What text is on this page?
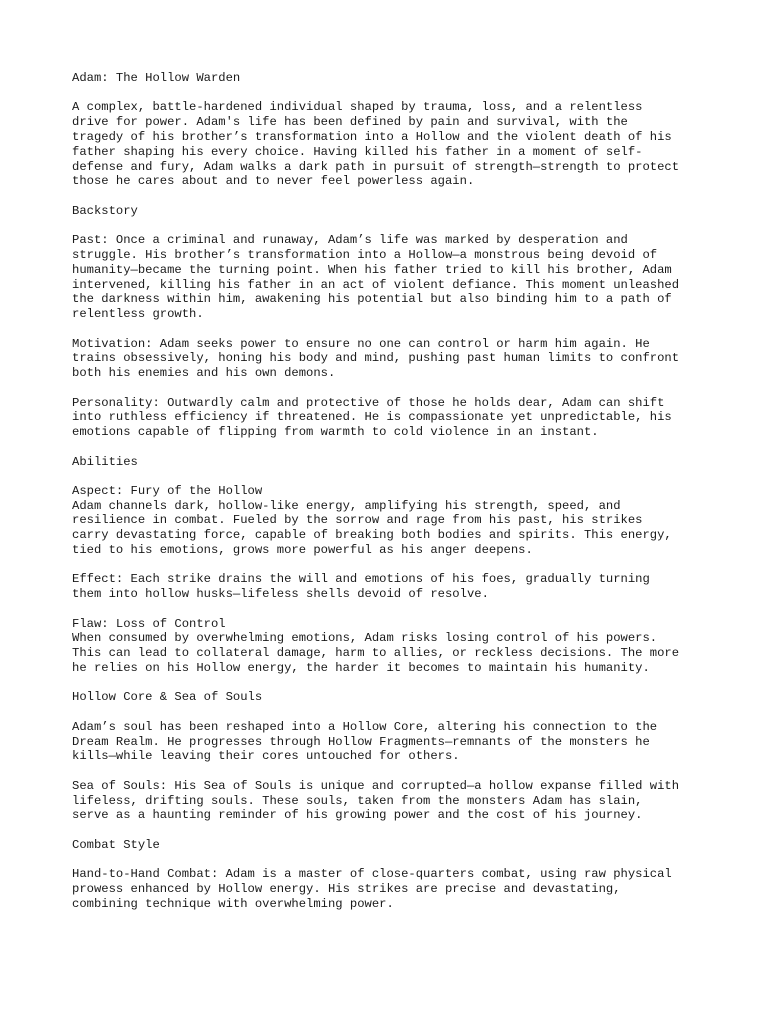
Adam: The Hollow Warden
A complex, battle-hardened individual shaped by trauma, loss, and a relentless
drive for power. Adam's life has been defined by pain and survival, with the
tragedy of his brother’s transformation into a Hollow and the violent death of his
father shaping his every choice. Having killed his father in a moment of self-
defense and fury, Adam walks a dark path in pursuit of strength—strength to protect
those he cares about and to never feel powerless again.
Backstory
Past: Once a criminal and runaway, Adam’s life was marked by desperation and
struggle. His brother’s transformation into a Hollow—a monstrous being devoid of
humanity—became the turning point. When his father tried to kill his brother, Adam
intervened, killing his father in an act of violent defiance. This moment unleashed
the darkness within him, awakening his potential but also binding him to a path of
relentless growth.
Motivation: Adam seeks power to ensure no one can control or harm him again. He
trains obsessively, honing his body and mind, pushing past human limits to confront
both his enemies and his own demons.
Personality: Outwardly calm and protective of those he holds dear, Adam can shift
into ruthless efficiency if threatened. He is compassionate yet unpredictable, his
emotions capable of flipping from warmth to cold violence in an instant.
Abilities
Aspect: Fury of the Hollow
Adam channels dark, hollow-like energy, amplifying his strength, speed, and
resilience in combat. Fueled by the sorrow and rage from his past, his strikes
carry devastating force, capable of breaking both bodies and spirits. This energy,
tied to his emotions, grows more powerful as his anger deepens.
Effect: Each strike drains the will and emotions of his foes, gradually turning
them into hollow husks—lifeless shells devoid of resolve.
Flaw: Loss of Control
When consumed by overwhelming emotions, Adam risks losing control of his powers.
This can lead to collateral damage, harm to allies, or reckless decisions. The more
he relies on his Hollow energy, the harder it becomes to maintain his humanity.
Hollow Core & Sea of Souls
Adam’s soul has been reshaped into a Hollow Core, altering his connection to the
Dream Realm. He progresses through Hollow Fragments—remnants of the monsters he
kills—while leaving their cores untouched for others.
Sea of Souls: His Sea of Souls is unique and corrupted—a hollow expanse filled with
lifeless, drifting souls. These souls, taken from the monsters Adam has slain,
serve as a haunting reminder of his growing power and the cost of his journey.
Combat Style
Hand-to-Hand Combat: Adam is a master of close-quarters combat, using raw physical
prowess enhanced by Hollow energy. His strikes are precise and devastating,
combining technique with overwhelming power.
